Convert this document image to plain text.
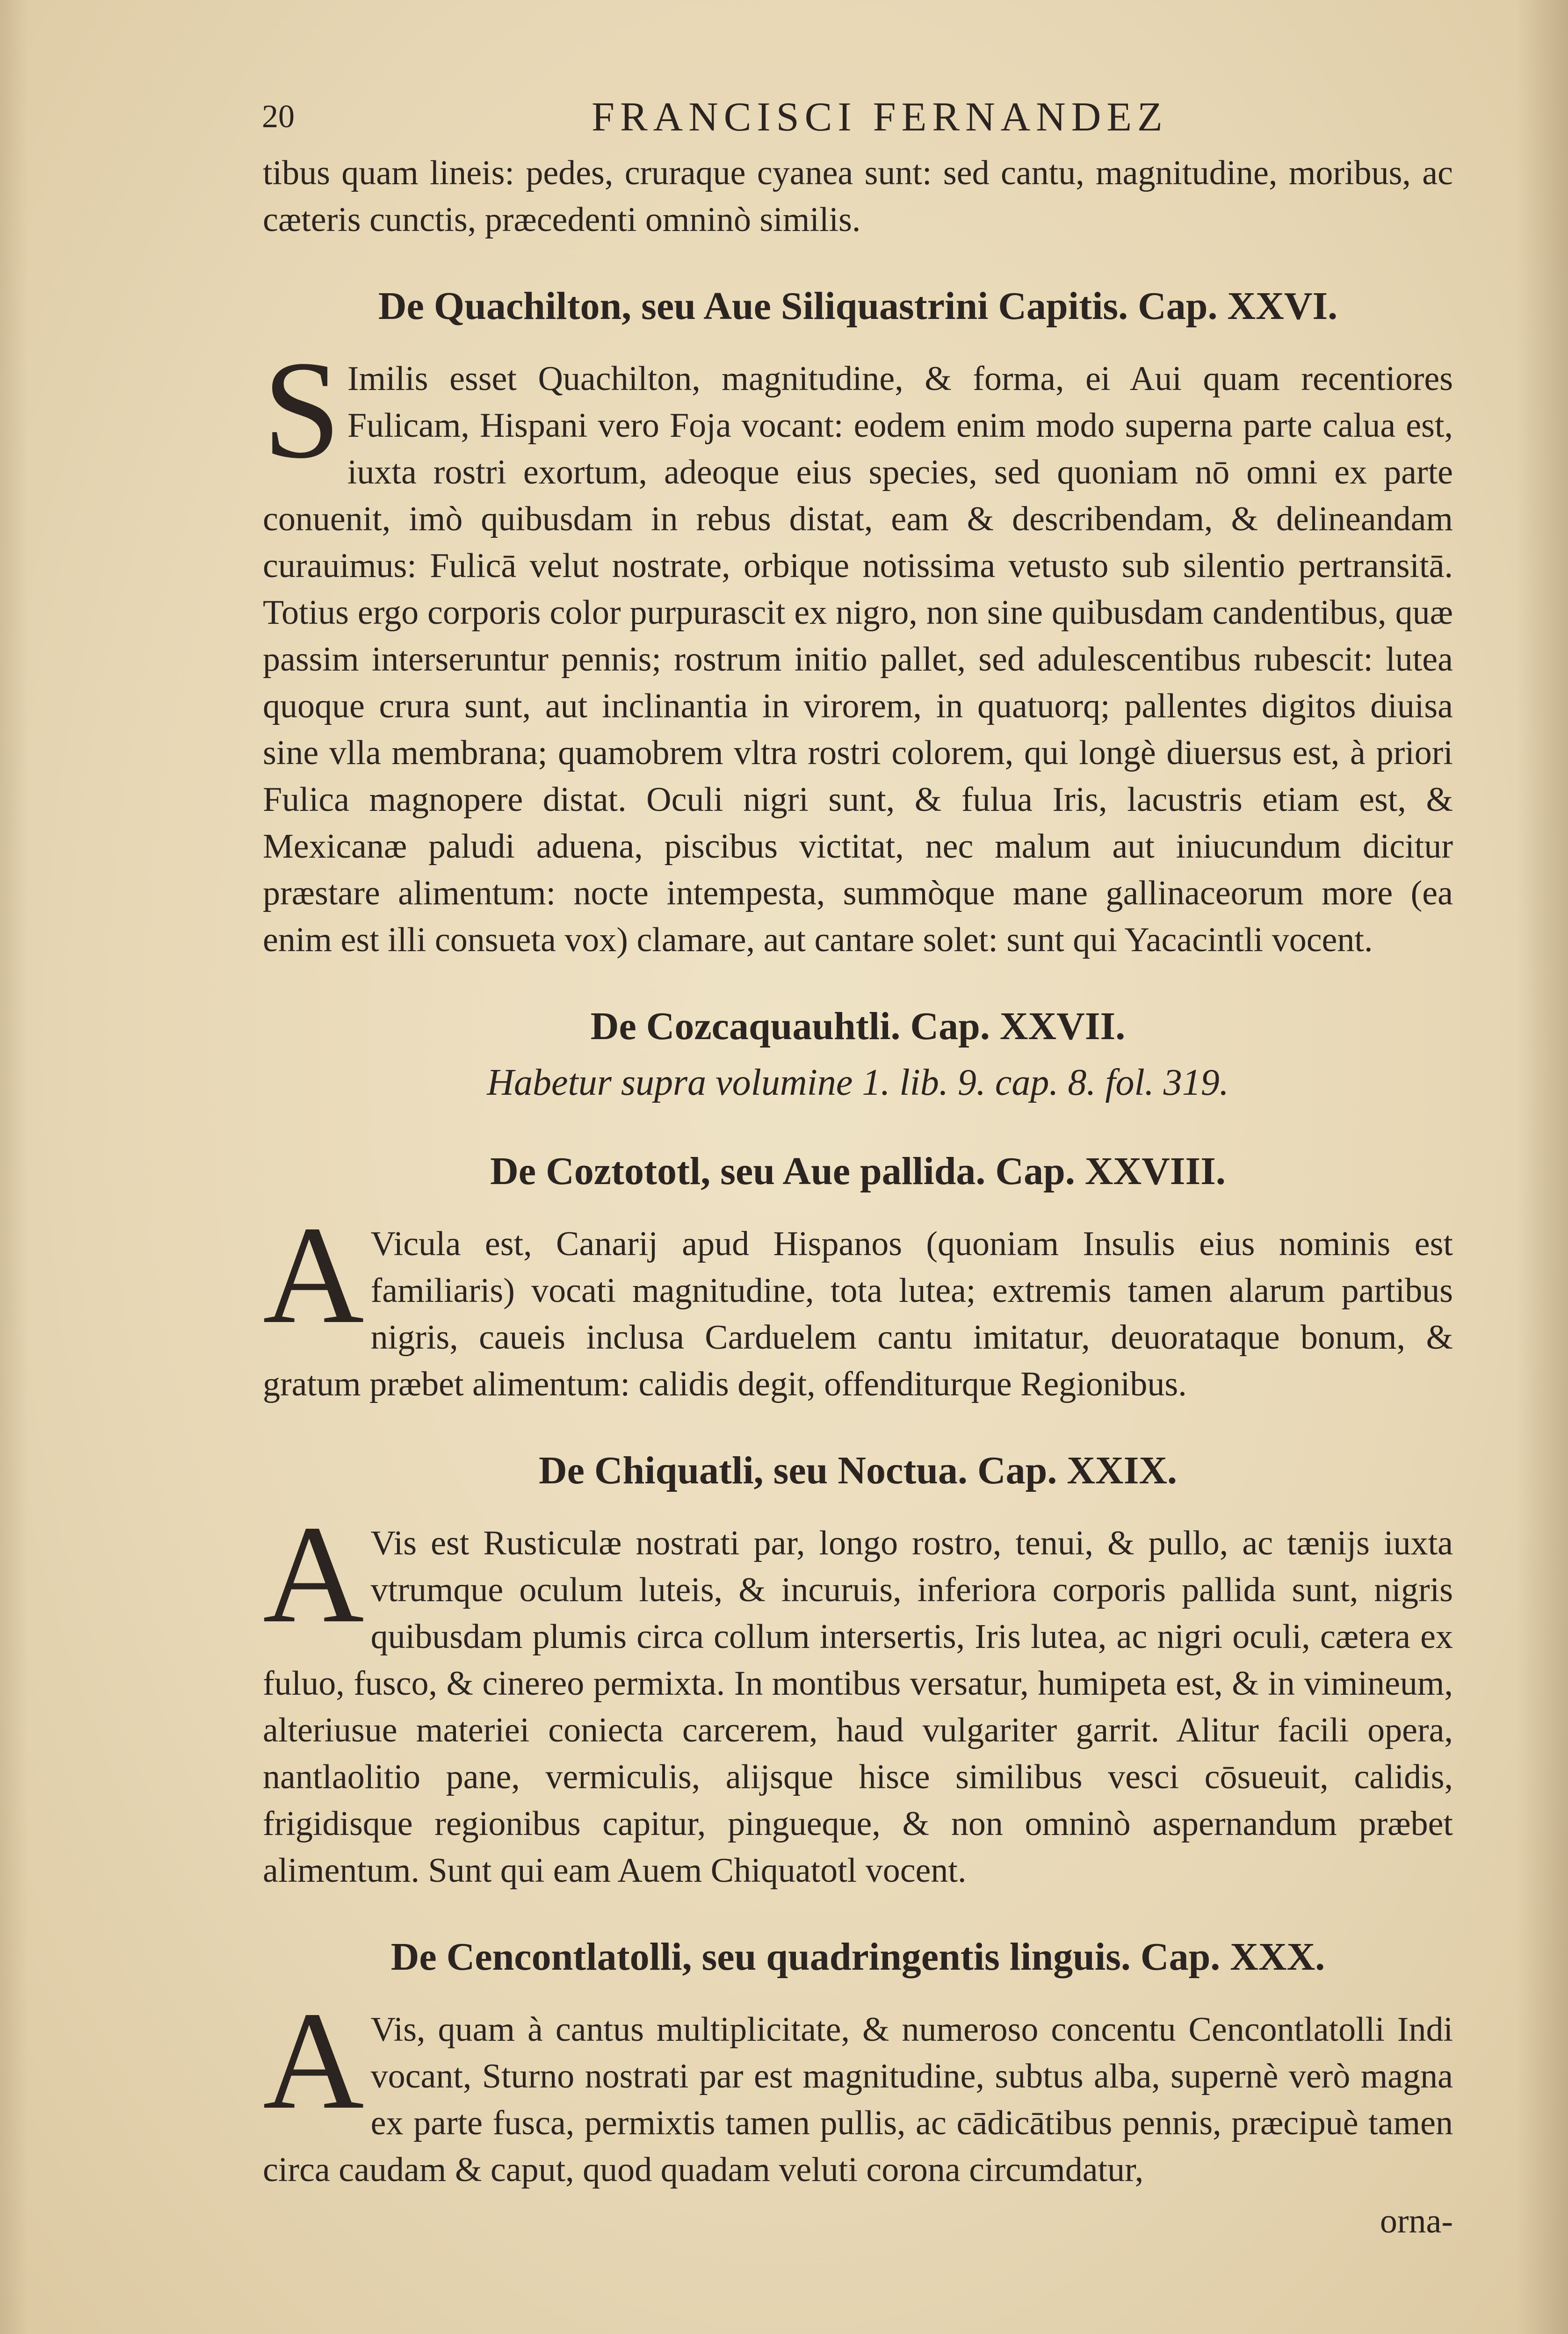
20	FRANCISCI FERNANDEZ

tibus quam lineis: pedes, cruraque cyanea sunt: sed cantu, magnitudine, moribus, ac cæteris cunctis, præcedenti omninò similis.

De Quachilton, seu Aue Siliquastrini Capitis. Cap. XXVI.

S Imilis esset Quachilton, magnitudine, & forma, ei Aui quam recentiores Fulicam, Hispani vero Foja vocant: eodem enim modo superna parte calua est, iuxta rostri exortum, adeoque eius species, sed quoniam nō omni ex parte conuenit, imò quibusdam in rebus distat, eam & describendam, & delineandam curauimus: Fulicā velut nostrate, orbique notissima vetusto sub silentio pertransitā. Totius ergo corporis color purpurascit ex nigro, non sine quibusdam candentibus, quæ passim interseruntur pennis; rostrum initio pallet, sed adulescentibus rubescit: lutea quoque crura sunt, aut inclinantia in virorem, in quatuorq; pallentes digitos diuisa sine vlla membrana; quamobrem vltra rostri colorem, qui longè diuersus est, à priori Fulica magnopere distat. Oculi nigri sunt, & fulua Iris, lacustris etiam est, & Mexicanæ paludi aduena, piscibus victitat, nec malum aut iniucundum dicitur præstare alimentum: nocte intempesta, summòque mane gallinaceorum more (ea enim est illi consueta vox) clamare, aut cantare solet: sunt qui Yacacintli vocent.

De Cozcaquauhtli. Cap. XXVII.
Habetur supra volumine 1. lib. 9. cap. 8. fol. 319.
De Coztototl, seu Aue pallida. Cap. XXVIII.

A Vicula est, Canarij apud Hispanos (quoniam Insulis eius nominis est familiaris) vocati magnitudine, tota lutea; extremis tamen alarum partibus nigris, caueis inclusa Carduelem cantu imitatur, deuorataque bonum, & gratum præbet alimentum: calidis degit, offenditurque Regionibus.

De Chiquatli, seu Noctua. Cap. XXIX.

A Vis est Rusticulæ nostrati par, longo rostro, tenui, & pullo, ac tænijs iuxta vtrumque oculum luteis, & incuruis, inferiora corporis pallida sunt, nigris quibusdam plumis circa collum intersertis, Iris lutea, ac nigri oculi, cætera ex fuluo, fusco, & cinereo permixta. In montibus versatur, humipeta est, & in vimineum, alteriusue materiei coniecta carcerem, haud vulgariter garrit. Alitur facili opera, nantlaolitio pane, vermiculis, alijsque hisce similibus vesci cōsueuit, calidis, frigidisque regionibus capitur, pingueque, & non omninò aspernandum præbet alimentum. Sunt qui eam Auem Chiquatotl vocent.

De Cencontlatolli, seu quadringentis linguis. Cap. XXX.

A Vis, quam à cantus multiplicitate, & numeroso concentu Cencontlatolli Indi vocant, Sturno nostrati par est magnitudine, subtus alba, supernè verò magna ex parte fusca, permixtis tamen pullis, ac cādicātibus pennis, præcipuè tamen circa caudam & caput, quod quadam veluti corona circumdatur,

orna-
